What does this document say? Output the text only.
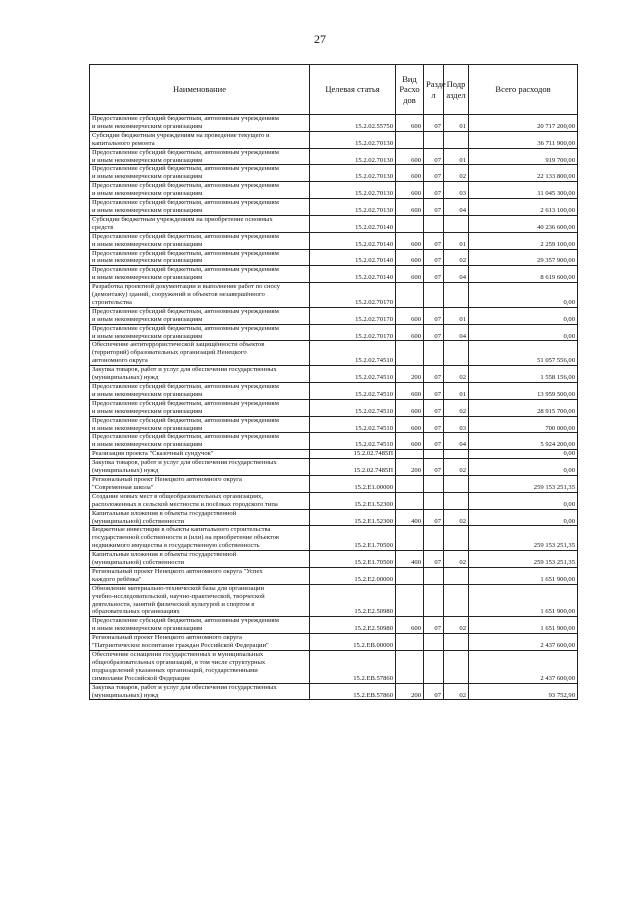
27
Наименование	Целевая статья	Вид Расхо дов	Разде л	Подр аздел	Всего расходов
Предоставление субсидий бюджетным, автономным учреждениям
и иным некоммерческим организациям	15.2.02.55750	600	07	01	20 717 200,00
Субсидии бюджетным учреждениям на проведение текущего и
капитального ремонта	15.2.02.70130				36 711 900,00
Предоставление субсидий бюджетным, автономным учреждениям
и иным некоммерческим организациям	15.2.02.70130	600	07	01	919 700,00
Предоставление субсидий бюджетным, автономным учреждениям
и иным некоммерческим организациям	15.2.02.70130	600	07	02	22 133 800,00
Предоставление субсидий бюджетным, автономным учреждениям
и иным некоммерческим организациям	15.2.02.70130	600	07	03	11 045 300,00
Предоставление субсидий бюджетным, автономным учреждениям
и иным некоммерческим организациям	15.2.02.70130	600	07	04	2 613 100,00
Субсидии бюджетным учреждениям на приобретение основных
средств	15.2.02.70140				40 236 600,00
Предоставление субсидий бюджетным, автономным учреждениям
и иным некоммерческим организациям	15.2.02.70140	600	07	01	2 259 100,00
Предоставление субсидий бюджетным, автономным учреждениям
и иным некоммерческим организациям	15.2.02.70140	600	07	02	29 357 900,00
Предоставление субсидий бюджетным, автономным учреждениям
и иным некоммерческим организациям	15.2.02.70140	600	07	04	8 619 600,00
Разработка проектной документации и выполнение работ по сносу
(демонтажу) зданий, сооружений и объектов незавершённого
строительства	15.2.02.70170				0,00
Предоставление субсидий бюджетным, автономным учреждениям
и иным некоммерческим организациям	15.2.02.70170	600	07	01	0,00
Предоставление субсидий бюджетным, автономным учреждениям
и иным некоммерческим организациям	15.2.02.70170	600	07	04	0,00
Обеспечение антитеррористической защищённости объектов
(территорий) образовательных организаций Ненецкого
автономного округа	15.2.02.74510				51 057 556,00
Закупка товаров, работ и услуг для обеспечения государственных
(муниципальных) нужд	15.2.02.74510	200	07	02	1 558 156,00
Предоставление субсидий бюджетным, автономным учреждениям
и иным некоммерческим организациям	15.2.02.74510	600	07	01	13 959 500,00
Предоставление субсидий бюджетным, автономным учреждениям
и иным некоммерческим организациям	15.2.02.74510	600	07	02	28 915 700,00
Предоставление субсидий бюджетным, автономным учреждениям
и иным некоммерческим организациям	15.2.02.74510	600	07	03	700 000,00
Предоставление субсидий бюджетным, автономным учреждениям
и иным некоммерческим организациям	15.2.02.74510	600	07	04	5 924 200,00
Реализация проекта "Сказочный сундучок"	15.2.02.7485П				0,00
Закупка товаров, работ и услуг для обеспечения государственных
(муниципальных) нужд	15.2.02.7485П	200	07	02	0,00
Региональный проект Ненецкого автономного округа
"Современная школа"	15.2.E1.00000				259 153 251,35
Создание новых мест в общеобразовательных организациях,
расположенных в сельской местности и посёлках городского типа	15.2.E1.52300				0,00
Капитальные вложения в объекты государственной
(муниципальной) собственности	15.2.E1.52300	400	07	02	0,00
Бюджетные инвестиции в объекты капитального строительства
государственной собственности и (или) на приобретение объектов
недвижимого имущества в государственную собственность	15.2.E1.70500				259 153 251,35
Капитальные вложения в объекты государственной
(муниципальной) собственности	15.2.E1.70500	400	07	02	259 153 251,35
Региональный проект Ненецкого автономного округа "Успех
каждого ребёнка"	15.2.E2.00000				1 651 900,00
Обновление материально-технической базы для организации
учебно-исследовательской, научно-практической, творческой
деятельности, занятий физической культурой и спортом в
образовательных организациях	15.2.E2.50980				1 651 900,00
Предоставление субсидий бюджетным, автономным учреждениям
и иным некоммерческим организациям	15.2.E2.50980	600	07	02	1 651 900,00
Региональный проект Ненецкого автономного округа
"Патриотическое воспитание граждан Российской Федерации"	15.2.EB.00000				2 437 600,00
Обеспечение оснащения государственных и муниципальных
общеобразовательных организаций, в том числе структурных
подразделений указанных организаций, государственными
символами Российской Федерации	15.2.EB.57860				2 437 600,00
Закупка товаров, работ и услуг для обеспечения государственных
(муниципальных) нужд	15.2.EB.57860	200	07	02	93 752,90
